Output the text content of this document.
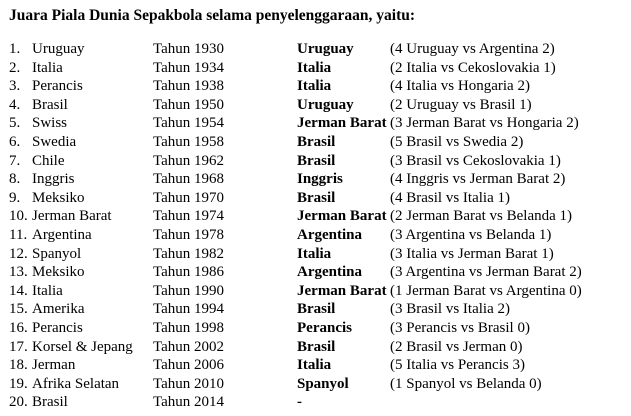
Juara Piala Dunia Sepakbola selama penyelenggaraan, yaitu:
1. Uruguay	Tahun 1930	Uruguay (4 Uruguay vs Argentina 2)
2. Italia	Tahun 1934	Italia	(2 Italia vs Cekoslovakia 1)
3. Perancis	Tahun 1938	Italia	(4 Italia vs Hongaria 2)
4. Brasil	Tahun 1950	Uruguay (2 Uruguay vs Brasil 1)
5. Swiss	Tahun 1954	Jerman Barat (3 Jerman Barat vs Hongaria 2)
6. Swedia	Tahun 1958	Brasil	(5 Brasil vs Swedia 2)
7. Chile	Tahun 1962	Brasil	(3 Brasil vs Cekoslovakia 1)
8. Inggris	Tahun 1968	Inggris	(4 Inggris vs Jerman Barat 2)
9. Meksiko	Tahun 1970	Brasil	(4 Brasil vs Italia 1)
10. Jerman Barat	Tahun 1974	Jerman Barat (2 Jerman Barat vs Belanda 1)
11. Argentina	Tahun 1978	Argentina (3 Argentina vs Belanda 1)
12. Spanyol	Tahun 1982	Italia	(3 Italia vs Jerman Barat 1)
13. Meksiko	Tahun 1986	Argentina (3 Argentina vs Jerman Barat 2)
14. Italia	Tahun 1990	Jerman Barat (1 Jerman Barat vs Argentina 0)
15. Amerika	Tahun 1994	Brasil	(3 Brasil vs Italia 2)
16. Perancis	Tahun 1998	Perancis	(3 Perancis vs Brasil 0)
17. Korsel & Jepang Tahun 2002	Brasil	(2 Brasil vs Jerman 0)
18. Jerman	Tahun 2006	Italia	(5 Italia vs Perancis 3)
19. Afrika Selatan Tahun 2010	Spanyol	(1 Spanyol vs Belanda 0)
20. Brasil	Tahun 2014	-
